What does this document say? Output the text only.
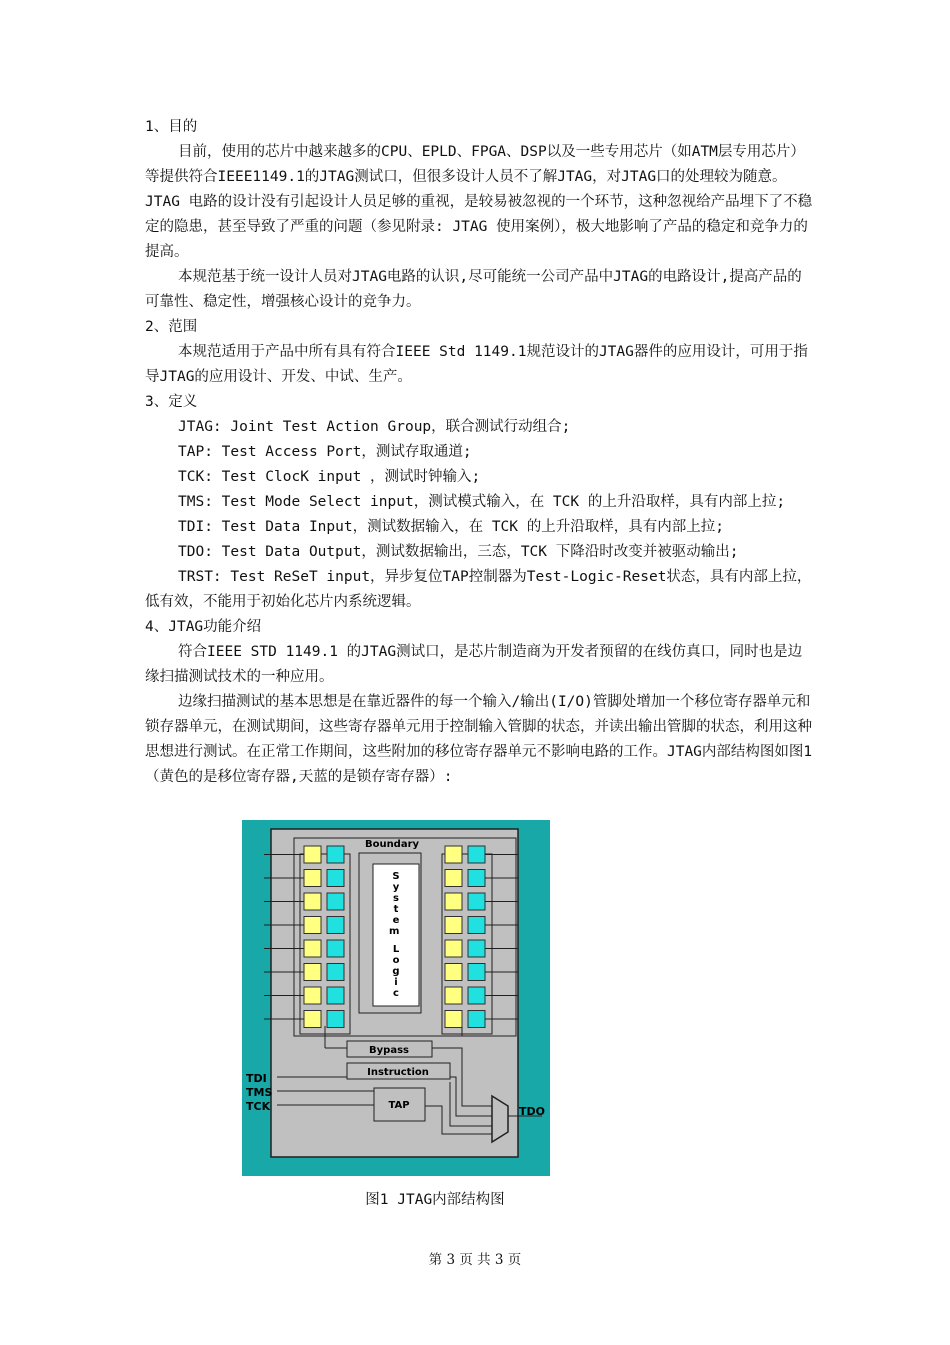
1、目的

目前，使用的芯片中越来越多的CPU、EPLD、FPGA、DSP以及一些专用芯片（如ATM层专用芯片）等提供符合IEEE1149.1的JTAG测试口，但很多设计人员不了解JTAG，对JTAG口的处理较为随意。JTAG 电路的设计没有引起设计人员足够的重视，是较易被忽视的一个环节，这种忽视给产品埋下了不稳定的隐患，甚至导致了严重的问题（参见附录: JTAG 使用案例），极大地影响了产品的稳定和竞争力的提高。

本规范基于统一设计人员对JTAG电路的认识,尽可能统一公司产品中JTAG的电路设计,提高产品的可靠性、稳定性，增强核心设计的竞争力。

2、范围

本规范适用于产品中所有具有符合IEEE Std 1149.1规范设计的JTAG器件的应用设计，可用于指导JTAG的应用设计、开发、中试、生产。

3、定义

JTAG: Joint Test Action Group，联合测试行动组合;

TAP: Test Access Port，测试存取通道;

TCK: Test ClocK input ，测试时钟输入;

TMS: Test Mode Select input，测试模式输入，在 TCK 的上升沿取样，具有内部上拉;

TDI: Test Data Input，测试数据输入，在 TCK 的上升沿取样，具有内部上拉;

TDO: Test Data Output，测试数据输出，三态，TCK 下降沿时改变并被驱动输出;

TRST: Test ReSeT input，异步复位TAP控制器为Test-Logic-Reset状态，具有内部上拉，低有效，不能用于初始化芯片内系统逻辑。

4、JTAG功能介绍

符合IEEE STD 1149.1 的JTAG测试口，是芯片制造商为开发者预留的在线仿真口，同时也是边缘扫描测试技术的一种应用。

边缘扫描测试的基本思想是在靠近器件的每一个输入/输出(I/O)管脚处增加一个移位寄存器单元和锁存器单元，在测试期间，这些寄存器单元用于控制输入管脚的状态，并读出输出管脚的状态，利用这种思想进行测试。在正常工作期间，这些附加的移位寄存器单元不影响电路的工作。JTAG内部结构图如图1（黄色的是移位寄存器,天蓝的是锁存寄存器）:

Boundary
S y s t e m L o g i c
Bypass
Instruction
TAP
TDI
TMS
TCK	TDO
图1 JTAG内部结构图
第 3 页 共 3 页
